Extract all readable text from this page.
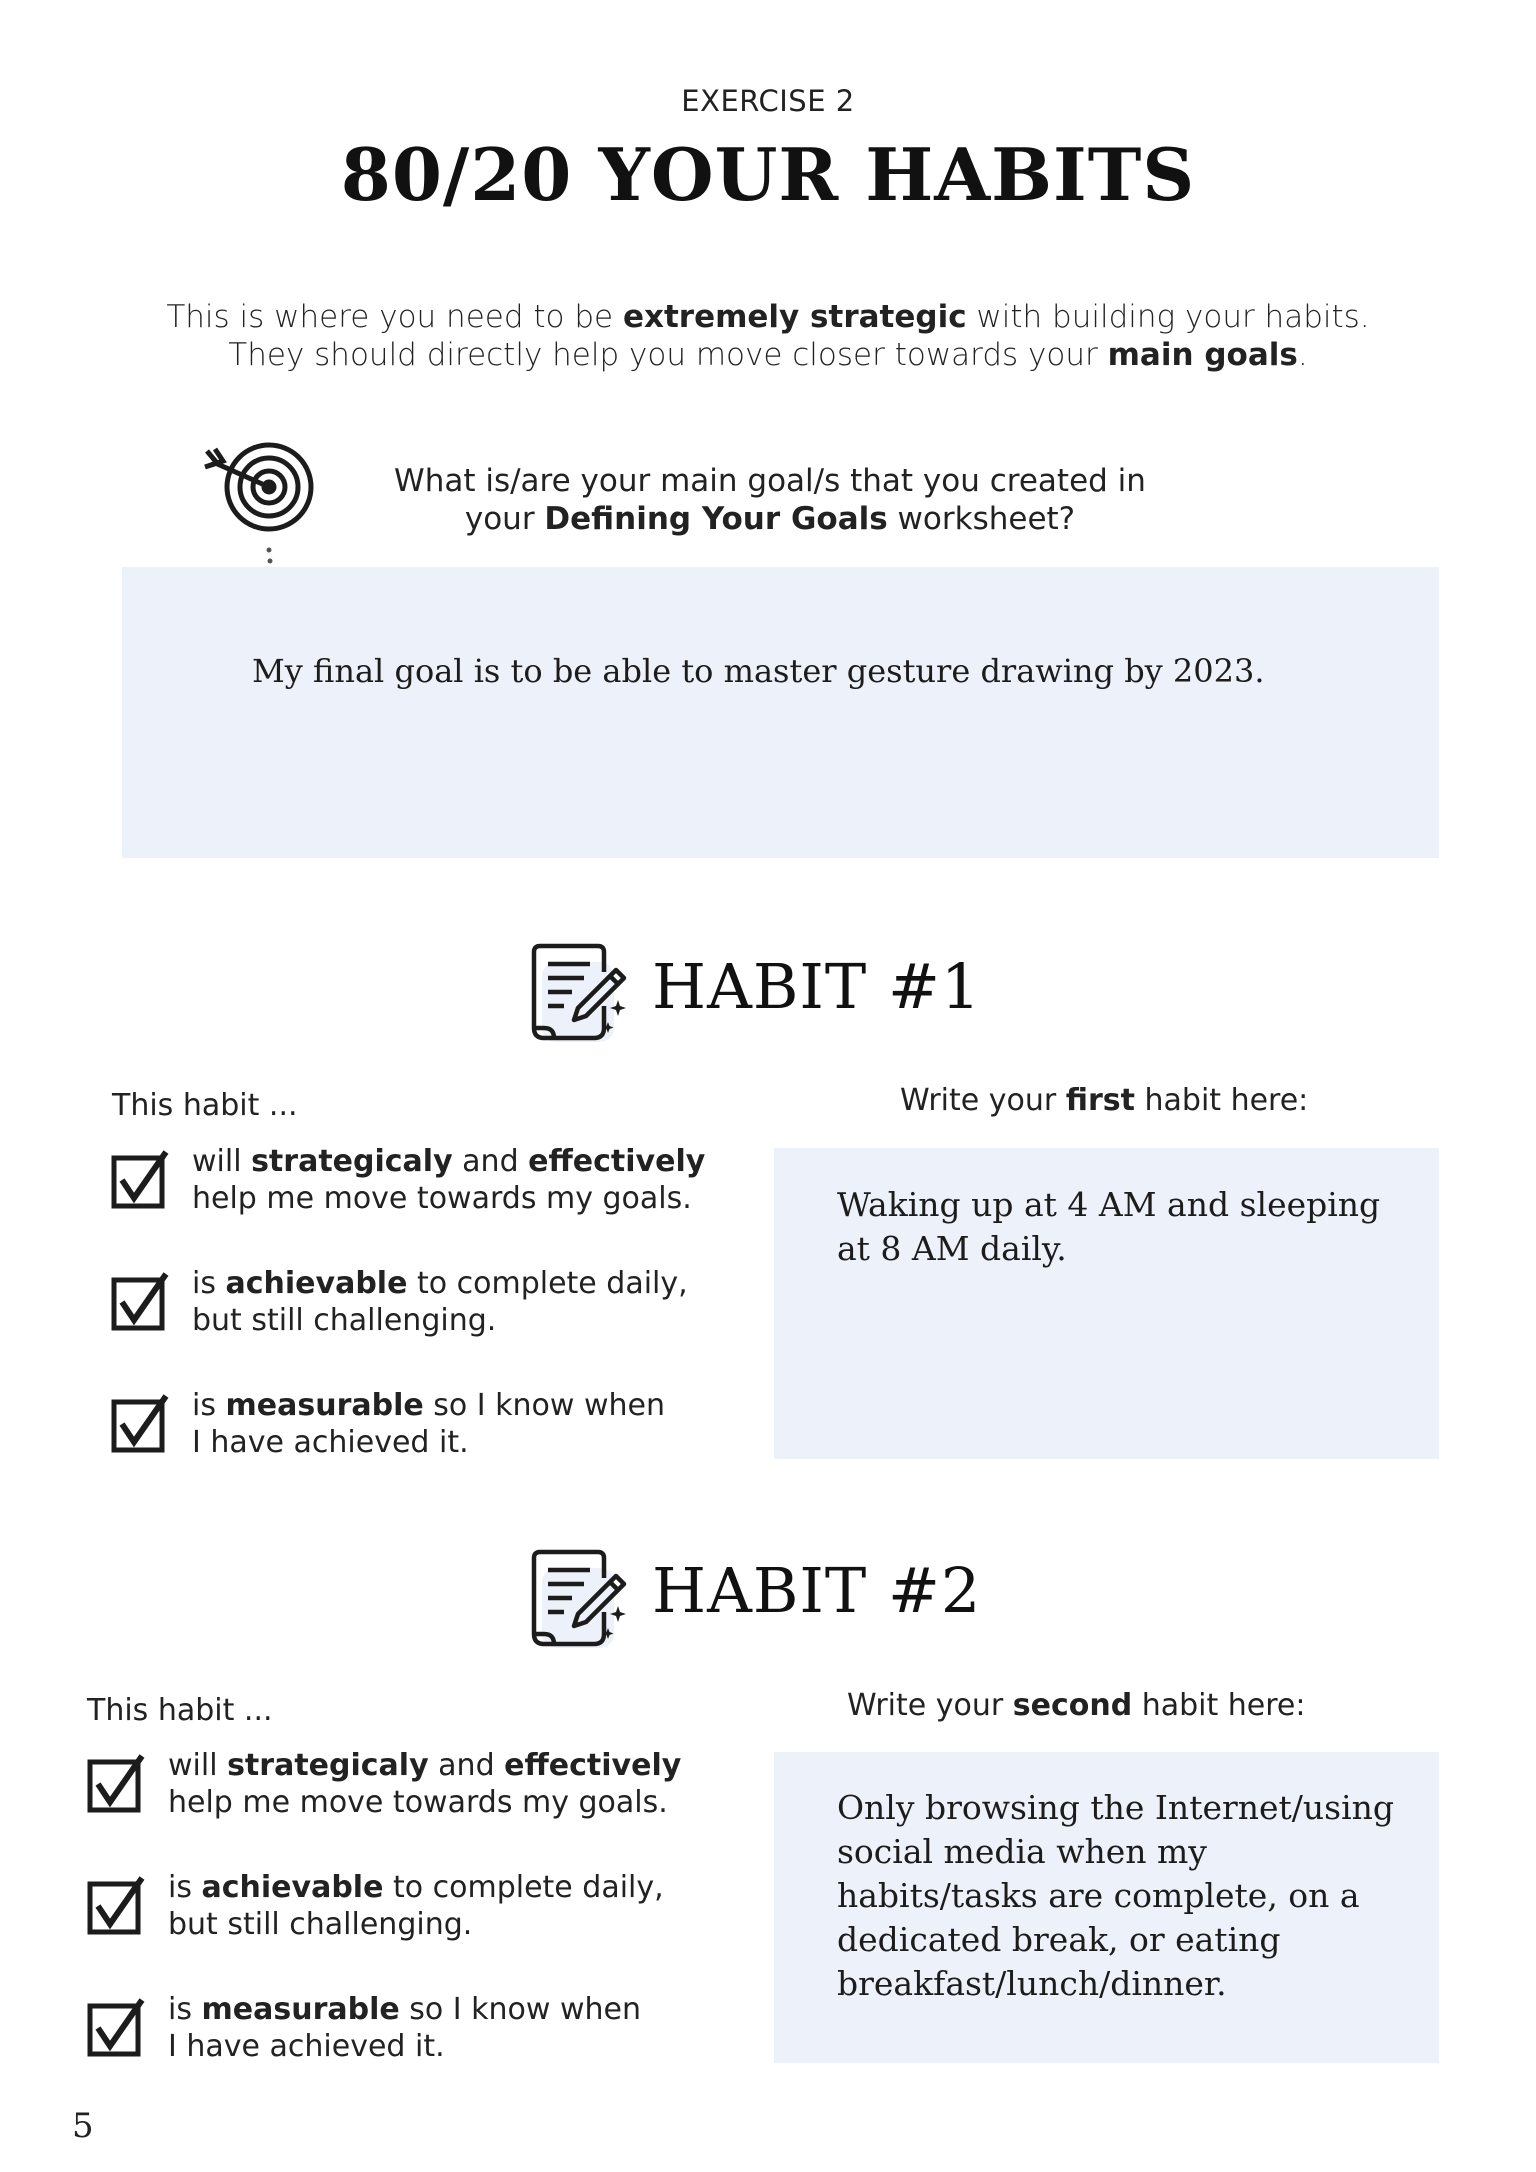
EXERCISE 2
80/20 YOUR HABITS
This is where you need to be extremely strategic with building your habits.
They should directly help you move closer towards your main goals.
What is/are your main goal/s that you created in
your Defining Your Goals worksheet?
My final goal is to be able to master gesture drawing by 2023.
HABIT #1
This habit ...	Write your first habit here:
will strategicaly and effectively
help me move towards my goals.
is achievable to complete daily,
but still challenging.
is measurable so I know when
I have achieved it.
Waking up at 4 AM and sleeping at 8 AM daily.
HABIT #2
This habit ...	Write your second habit here:
will strategicaly and effectively
help me move towards my goals.
is achievable to complete daily,
but still challenging.
is measurable so I know when
I have achieved it.
Only browsing the Internet/using social media when my habits/tasks are complete, on a dedicated break, or eating breakfast/lunch/dinner.
5
